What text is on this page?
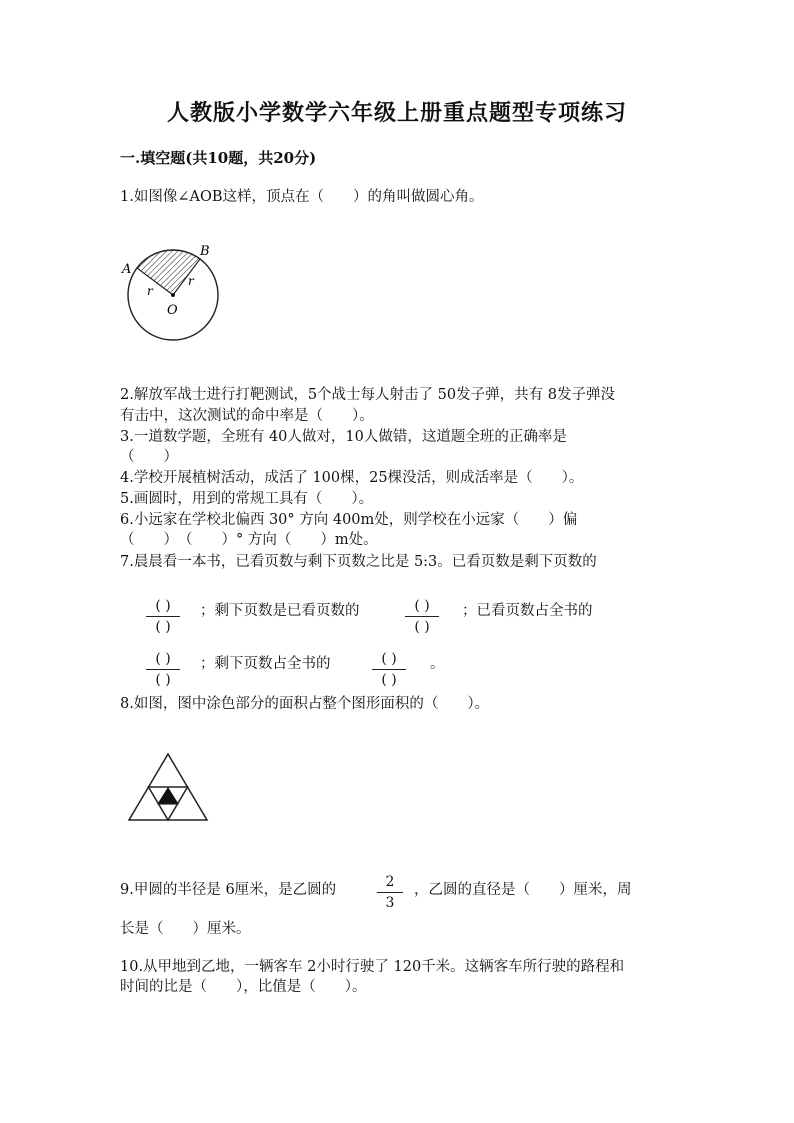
人教版小学数学六年级上册重点题型专项练习
一.填空题(共10题，共20分)
1.如图像∠AOB这样，顶点在（　　）的角叫做圆心角。
A
B
O
r
r
2.解放军战士进行打靶测试，5个战士每人射击了 50发子弹，共有 8发子弹没
有击中，这次测试的命中率是（　　）。
3.一道数学题，全班有 40人做对，10人做错，这道题全班的正确率是
（　　）
4.学校开展植树活动，成活了 100棵，25棵没活，则成活率是（　　）。
5.画圆时，用到的常规工具有（　　）。
6.小远家在学校北偏西 30° 方向 400m处，则学校在小远家（　　）偏
（　　）　（　　）° 方向（　　）m处。
7.晨晨看一本书，已看页数与剩下页数之比是 5:3。已看页数是剩下页数的
( )
( )
；剩下页数是已看页数的	( )
( )
；已看页数占全书的
( )
( )
；剩下页数占全书的	( )
( )
。
8.如图，图中涂色部分的面积占整个图形面积的（　　）。
9.甲圆的半径是 6厘米，是乙圆的	2
3
，乙圆的直径是（　　）厘米，周
长是（　　）厘米。
10.从甲地到乙地，一辆客车 2小时行驶了 120千米。这辆客车所行驶的路程和
时间的比是（　　），比值是（　　）。
